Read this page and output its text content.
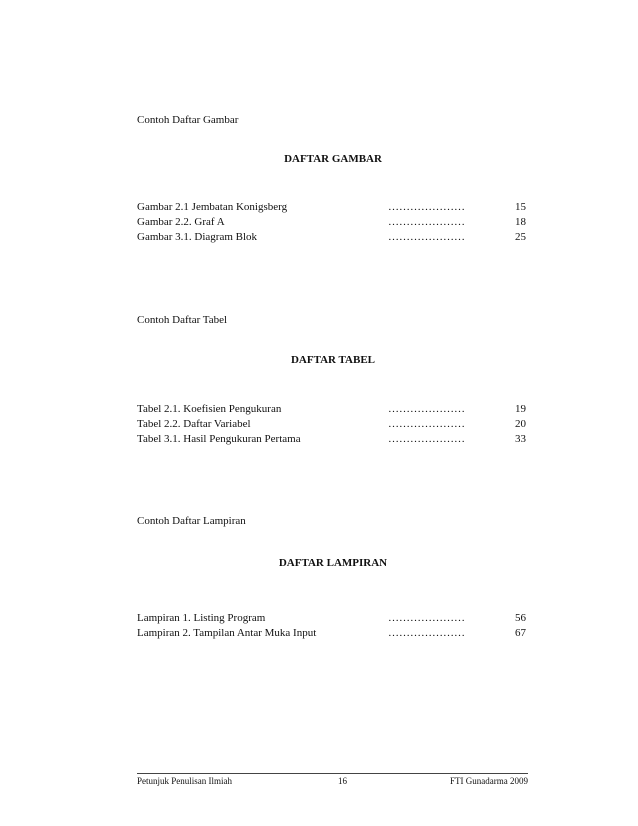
Contoh Daftar Gambar
DAFTAR GAMBAR
Gambar 2.1 Jembatan Konigsberg	…………………	15
Gambar 2.2. Graf A	…………………	18
Gambar 3.1. Diagram Blok	…………………	25
Contoh Daftar Tabel
DAFTAR TABEL
Tabel 2.1. Koefisien Pengukuran	…………………	19
Tabel 2.2. Daftar Variabel	…………………	20
Tabel 3.1. Hasil Pengukuran Pertama	…………………	33
Contoh Daftar Lampiran
DAFTAR LAMPIRAN
Lampiran 1. Listing Program	…………………	56
Lampiran 2. Tampilan Antar Muka Input	…………………	67
Petunjuk Penulisan Ilmiah	16	FTI Gunadarma 2009
